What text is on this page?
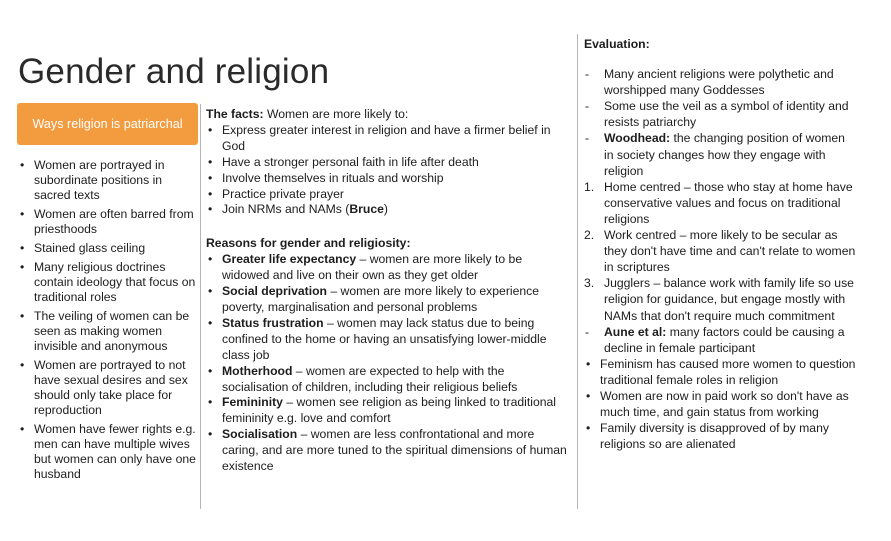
Gender and religion
Ways religion is patriarchal
• Women are portrayed in subordinate positions in sacred texts
• Women are often barred from priesthoods
• Stained glass ceiling
• Many religious doctrines contain ideology that focus on traditional roles
• The veiling of women can be seen as making women invisible and anonymous
• Women are portrayed to not have sexual desires and sex should only take place for reproduction
• Women have fewer rights e.g. men can have multiple wives but women can only have one husband
The facts: Women are more likely to:
• Express greater interest in religion and have a firmer belief in God
• Have a stronger personal faith in life after death
• Involve themselves in rituals and worship
• Practice private prayer
• Join NRMs and NAMs (Bruce)
Reasons for gender and religiosity:
• Greater life expectancy – women are more likely to be widowed and live on their own as they get older
• Social deprivation – women are more likely to experience poverty, marginalisation and personal problems
• Status frustration – women may lack status due to being confined to the home or having an unsatisfying lower-middle class job
• Motherhood – women are expected to help with the socialisation of children, including their religious beliefs
• Femininity – women see religion as being linked to traditional femininity e.g. love and comfort
• Socialisation – women are less confrontational and more caring, and are more tuned to the spiritual dimensions of human existence
Evaluation:
- Many ancient religions were polythetic and worshipped many Goddesses
- Some use the veil as a symbol of identity and resists patriarchy
- Woodhead: the changing position of women in society changes how they engage with religion
1. Home centred – those who stay at home have conservative values and focus on traditional religions
2. Work centred – more likely to be secular as they don't have time and can't relate to women in scriptures
3. Jugglers – balance work with family life so use religion for guidance, but engage mostly with NAMs that don't require much commitment
- Aune et al: many factors could be causing a decline in female participant
• Feminism has caused more women to question traditional female roles in religion
• Women are now in paid work so don't have as much time, and gain status from working
• Family diversity is disapproved of by many religions so are alienated
